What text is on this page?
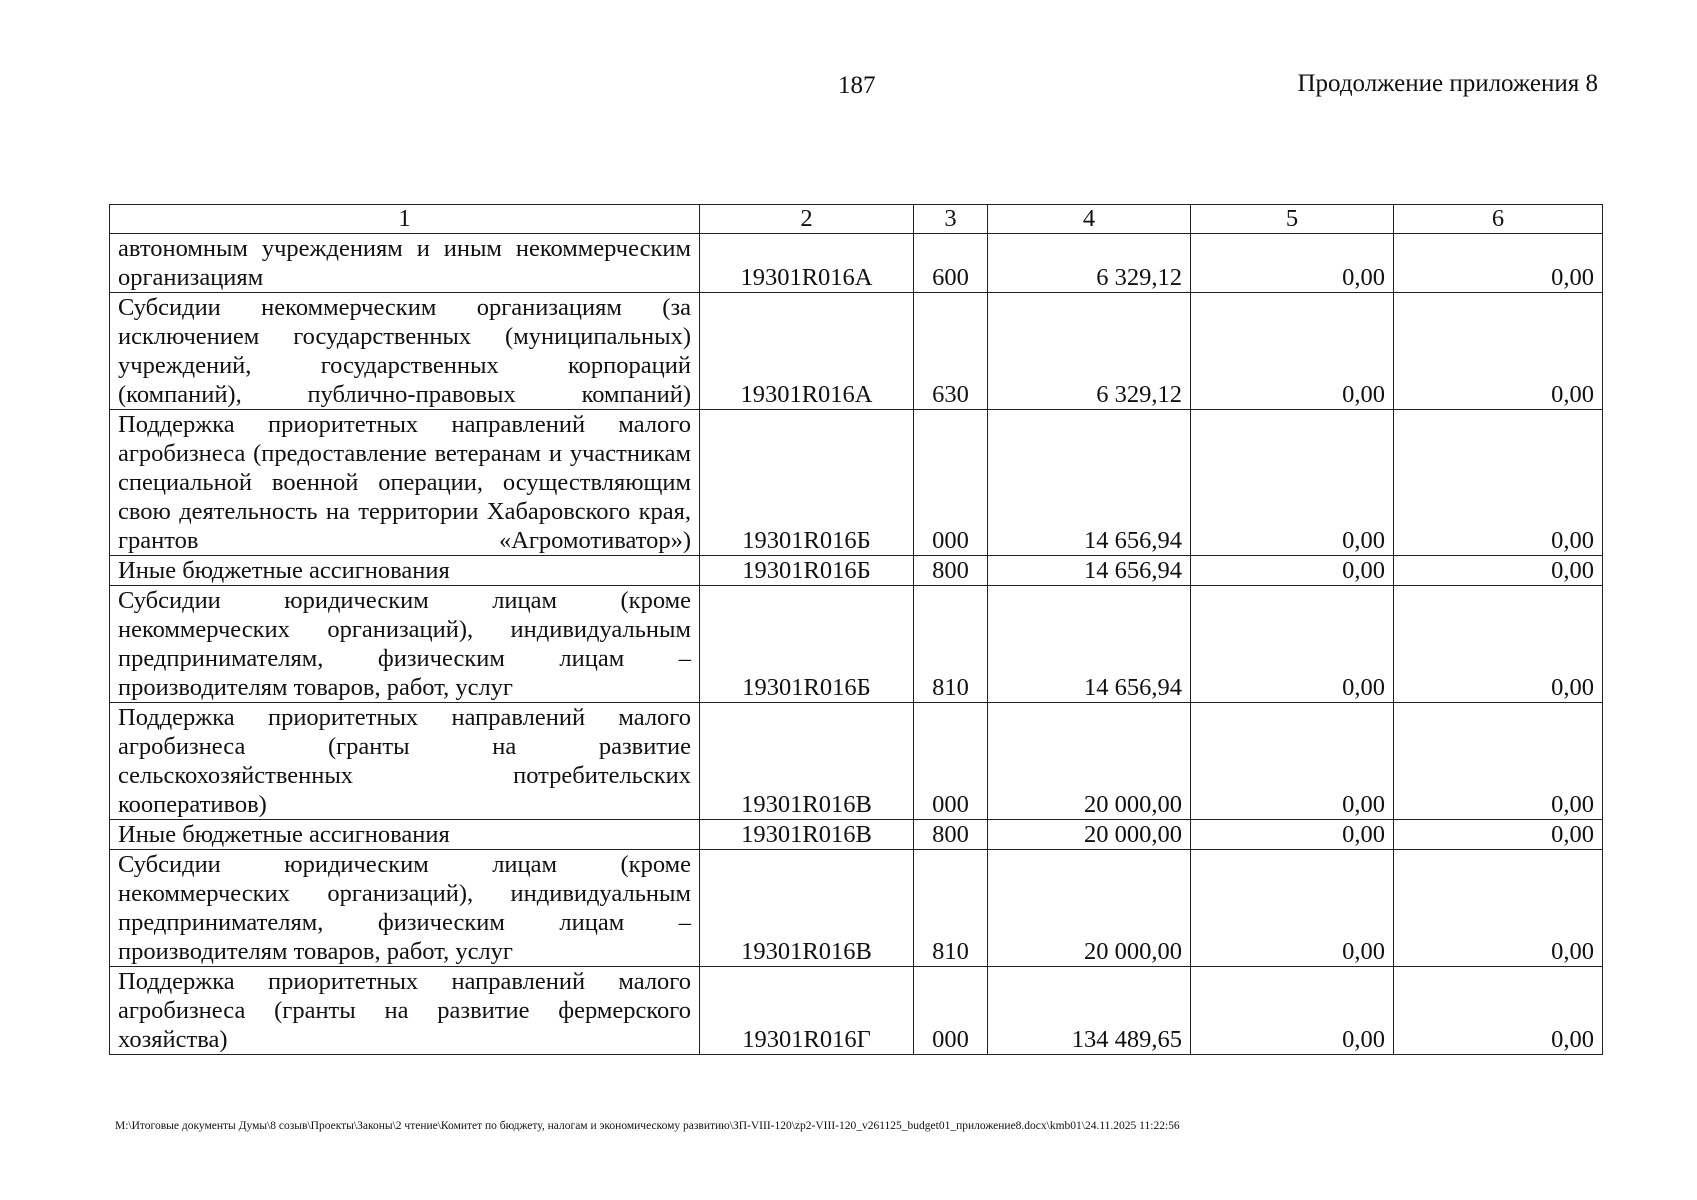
187	Продолжение приложения 8
1	2	3	4	5	6
автономным учреждениям и иным некоммерческим организациям	19301R016А	600	6 329,12	0,00	0,00
Субсидии некоммерческим организациям (за исключением государственных (муниципальных) учреждений, государственных корпораций (компаний), публично-правовых компаний)	19301R016А	630	6 329,12	0,00	0,00
Поддержка приоритетных направлений малого агробизнеса (предоставление ветеранам и участникам специальной военной операции, осуществляющим свою деятельность на территории Хабаровского края, грантов «Агромотиватор»)	19301R016Б	000	14 656,94	0,00	0,00
Иные бюджетные ассигнования	19301R016Б	800	14 656,94	0,00	0,00
Субсидии юридическим лицам (кроме некоммерческих организаций), индивидуальным предпринимателям, физическим лицам – производителям товаров, работ, услуг	19301R016Б	810	14 656,94	0,00	0,00
Поддержка приоритетных направлений малого агробизнеса (гранты на развитие сельскохозяйственных потребительских кооперативов)	19301R016В	000	20 000,00	0,00	0,00
Иные бюджетные ассигнования	19301R016В	800	20 000,00	0,00	0,00
Субсидии юридическим лицам (кроме некоммерческих организаций), индивидуальным предпринимателям, физическим лицам – производителям товаров, работ, услуг	19301R016В	810	20 000,00	0,00	0,00
Поддержка приоритетных направлений малого агробизнеса (гранты на развитие фермерского хозяйства)	19301R016Г	000	134 489,65	0,00	0,00
M:\Итоговые документы Думы\8 созыв\Проекты\Законы\2 чтение\Комитет по бюджету, налогам и экономическому развитию\ЗП-VIII-120\zp2-VIII-120_v261125_budget01_приложение8.docx\kmb01\24.11.2025 11:22:56
